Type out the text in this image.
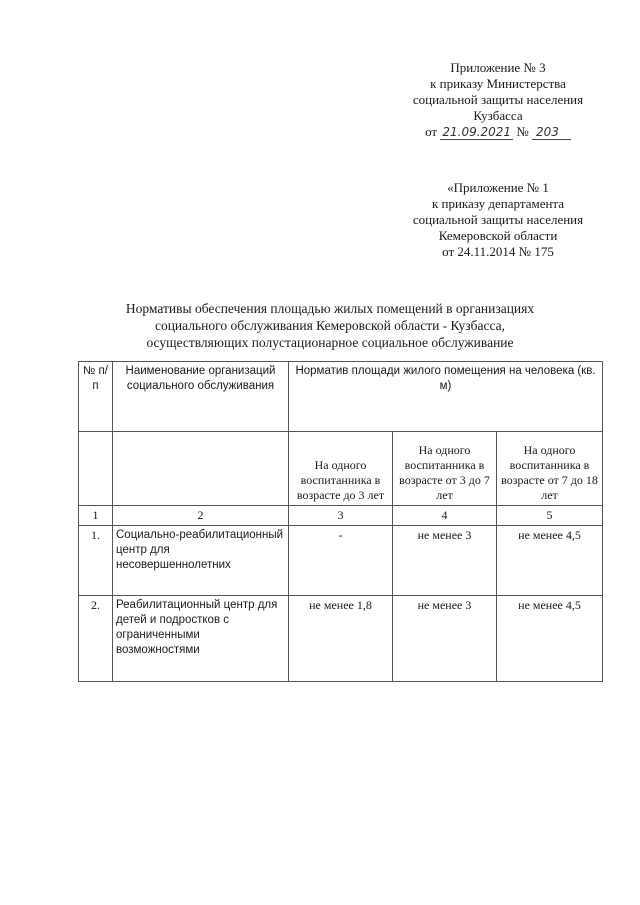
Приложение № 3
к приказу Министерства
социальной защиты населения
Кузбасса
от 21.09.2021 № 203
«Приложение № 1
к приказу департамента
социальной защиты населения
Кемеровской области
от 24.11.2014 № 175
Нормативы обеспечения площадью жилых помещений в организациях
социального обслуживания Кемеровской области - Кузбасса,
осуществляющих полустационарное социальное обслуживание
№ п/п	Наименование организаций социального обслуживания	Норматив площади жилого помещения на человека (кв. м)		
		На одного воспитанника в возрасте до 3 лет	На одного воспитанника в возрасте от 3 до 7 лет	На одного воспитанника в возрасте от 7 до 18 лет
1	2	3	4	5
1.	Социально-реабилитационный центр для несовершеннолетних	-	не менее 3	не менее 4,5
2.	Реабилитационный центр для детей и подростков с ограниченными возможностями	не менее 1,8	не менее 3	не менее 4,5
